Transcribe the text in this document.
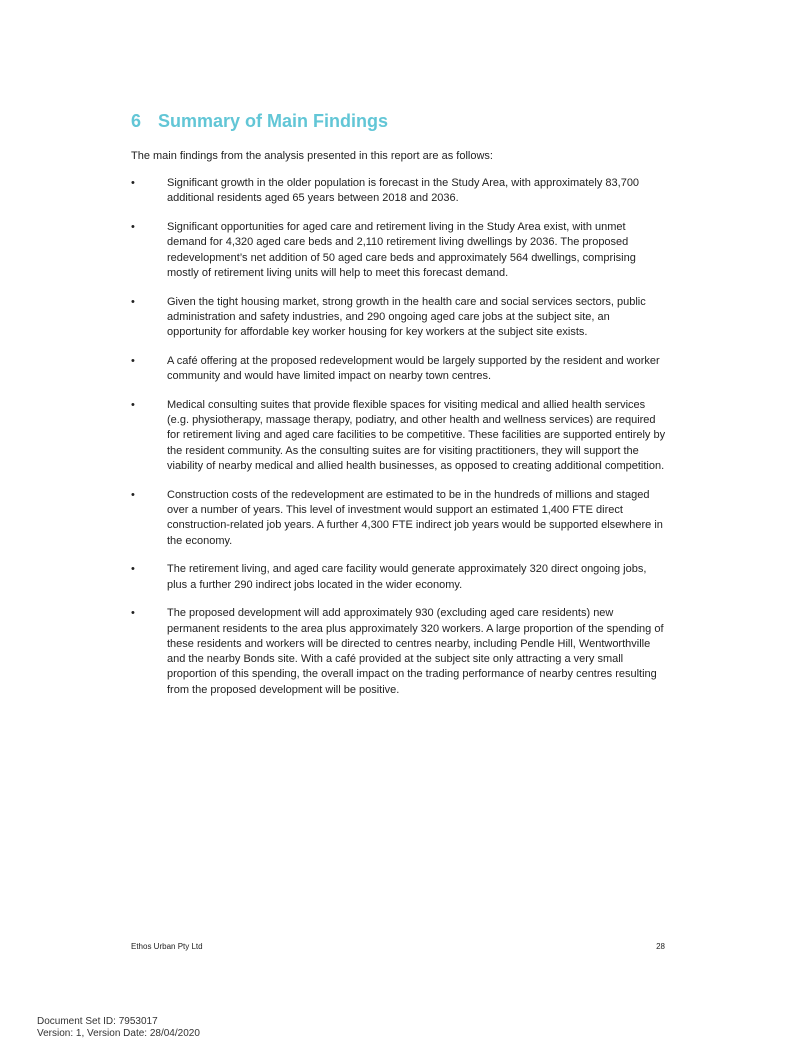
6 Summary of Main Findings

The main findings from the analysis presented in this report are as follows:

•	Significant growth in the older population is forecast in the Study Area, with approximately 83,700 additional residents aged 65 years between 2018 and 2036.
•	Significant opportunities for aged care and retirement living in the Study Area exist, with unmet demand for 4,320 aged care beds and 2,110 retirement living dwellings by 2036. The proposed redevelopment’s net addition of 50 aged care beds and approximately 564 dwellings, comprising mostly of retirement living units will help to meet this forecast demand.
•	Given the tight housing market, strong growth in the health care and social services sectors, public administration and safety industries, and 290 ongoing aged care jobs at the subject site, an opportunity for affordable key worker housing for key workers at the subject site exists.
•	A café offering at the proposed redevelopment would be largely supported by the resident and worker community and would have limited impact on nearby town centres.
•	Medical consulting suites that provide flexible spaces for visiting medical and allied health services (e.g. physiotherapy, massage therapy, podiatry, and other health and wellness services) are required for retirement living and aged care facilities to be competitive. These facilities are supported entirely by the resident community. As the consulting suites are for visiting practitioners, they will support the viability of nearby medical and allied health businesses, as opposed to creating additional competition.
•	Construction costs of the redevelopment are estimated to be in the hundreds of millions and staged over a number of years. This level of investment would support an estimated 1,400 FTE direct construction-related job years. A further 4,300 FTE indirect job years would be supported elsewhere in the economy.
•	The retirement living, and aged care facility would generate approximately 320 direct ongoing jobs, plus a further 290 indirect jobs located in the wider economy.
•	The proposed development will add approximately 930 (excluding aged care residents) new permanent residents to the area plus approximately 320 workers. A large proportion of the spending of these residents and workers will be directed to centres nearby, including Pendle Hill, Wentworthville and the nearby Bonds site. With a café provided at the subject site only attracting a very small proportion of this spending, the overall impact on the trading performance of nearby centres resulting from the proposed development will be positive.
Ethos Urban Pty Ltd	28
Document Set ID: 7953017
Version: 1, Version Date: 28/04/2020
